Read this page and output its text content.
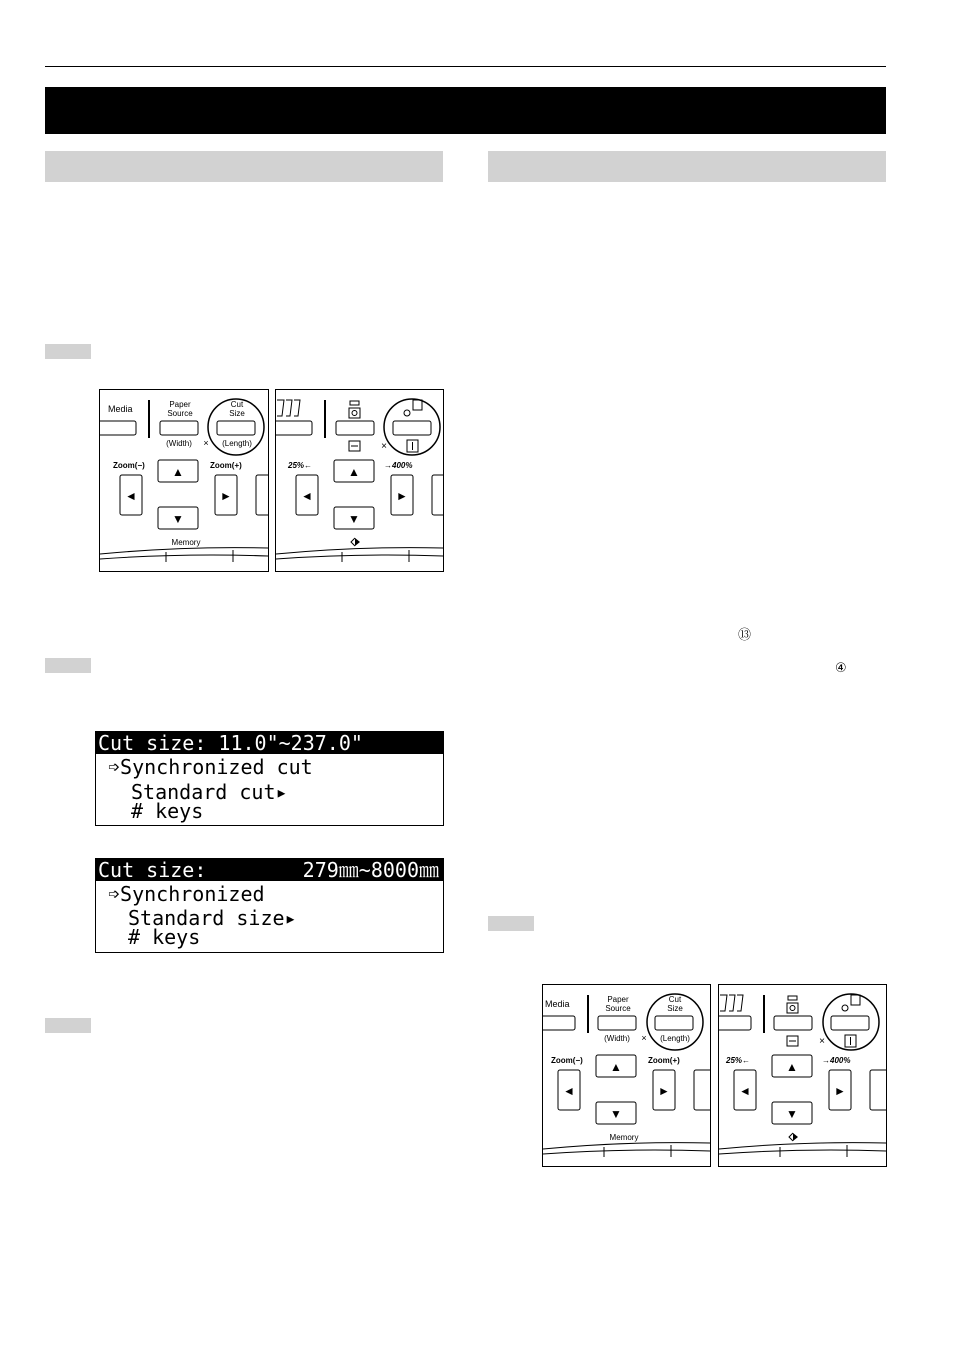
Media	Paper
Source
(Width) ×
Cut
Size
(Length)
Zoom(−)	Zoom(+)
▲
◄	►
▼
Memory
×
25%←	→400%
▲
◄	►
▼
Cut size: 11.0"~237.0"
➩Synchronized cut
Standard cut▸
# keys
Cut size:	279㎜~8000㎜
➩Synchronized
Standard size▸
# keys
⑬
④
Media	Paper
Source
(Width) ×
Cut
Size
(Length)
Zoom(−)	Zoom(+)
▲
◄	►
▼
Memory
×
25%←	→400%
▲
◄	►
▼
